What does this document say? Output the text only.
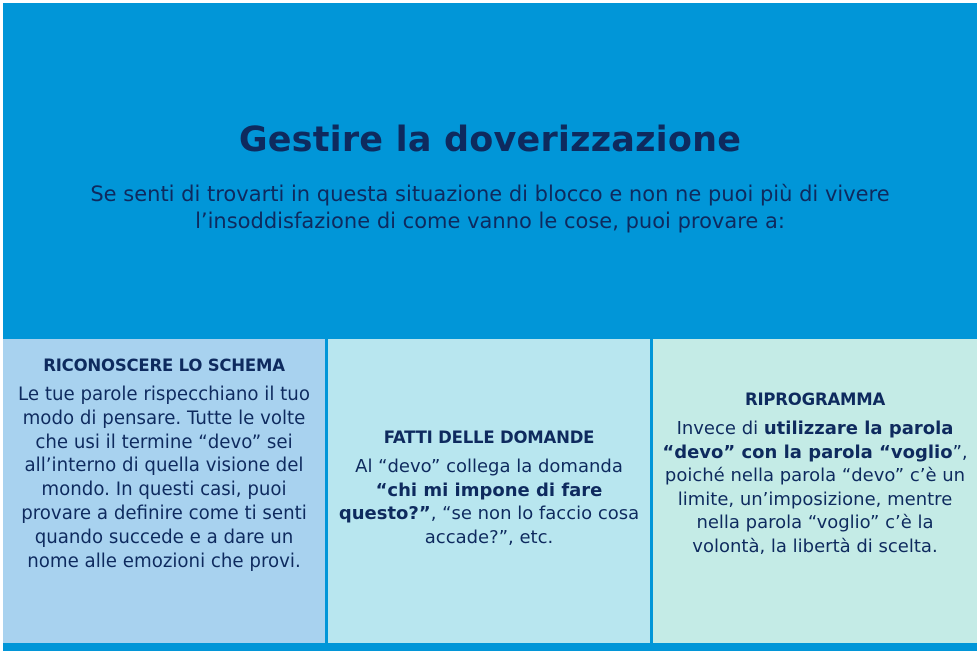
Gestire la doverizzazione
Se senti di trovarti in questa situazione di blocco e non ne puoi più di vivere l’insoddisfazione di come vanno le cose, puoi provare a:
RICONOSCERE LO SCHEMA
Le tue parole rispecchiano il tuo modo di pensare. Tutte le volte che usi il termine “devo” sei all’interno di quella visione del mondo. In questi casi, puoi provare a definire come ti senti quando succede e a dare un nome alle emozioni che provi.
FATTI DELLE DOMANDE
Al “devo” collega la domanda “chi mi impone di fare questo?”, “se non lo faccio cosa accade?”, etc.
RIPROGRAMMA
Invece di utilizzare la parola “devo” con la parola “voglio”, poiché nella parola “devo” c’è un limite, un’imposizione, mentre nella parola “voglio” c’è la volontà, la libertà di scelta.
